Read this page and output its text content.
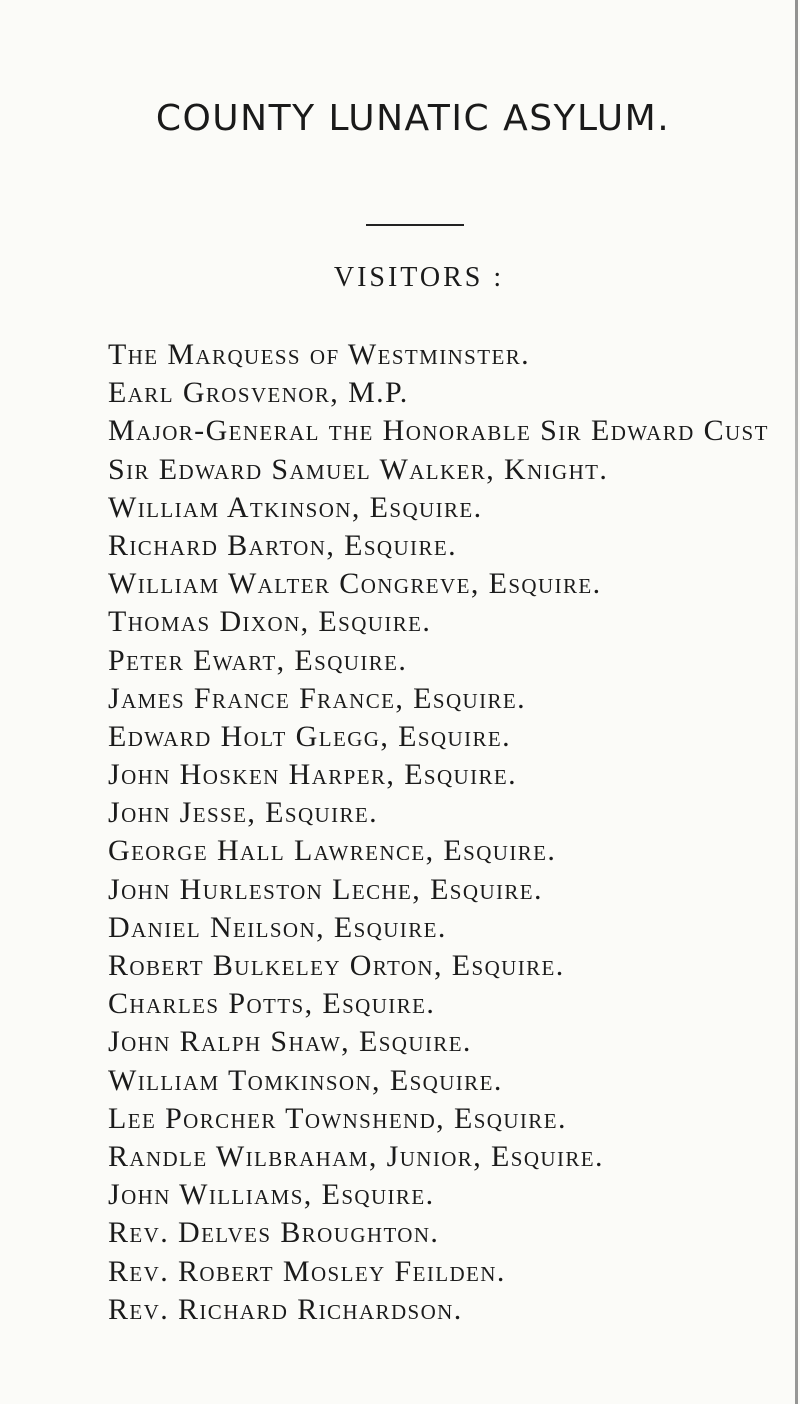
COUNTY LUNATIC ASYLUM.
VISITORS :
The Marquess of Westminster.
Earl Grosvenor, M.P.
Major-General the Honorable Sir Edward Cust
Sir Edward Samuel Walker, Knight.
William Atkinson, Esquire.
Richard Barton, Esquire.
William Walter Congreve, Esquire.
Thomas Dixon, Esquire.
Peter Ewart, Esquire.
James France France, Esquire.
Edward Holt Glegg, Esquire.
John Hosken Harper, Esquire.
John Jesse, Esquire.
George Hall Lawrence, Esquire.
John Hurleston Leche, Esquire.
Daniel Neilson, Esquire.
Robert Bulkeley Orton, Esquire.
Charles Potts, Esquire.
John Ralph Shaw, Esquire.
William Tomkinson, Esquire.
Lee Porcher Townshend, Esquire.
Randle Wilbraham, Junior, Esquire.
John Williams, Esquire.
Rev. Delves Broughton.
Rev. Robert Mosley Feilden.
Rev. Richard Richardson.
